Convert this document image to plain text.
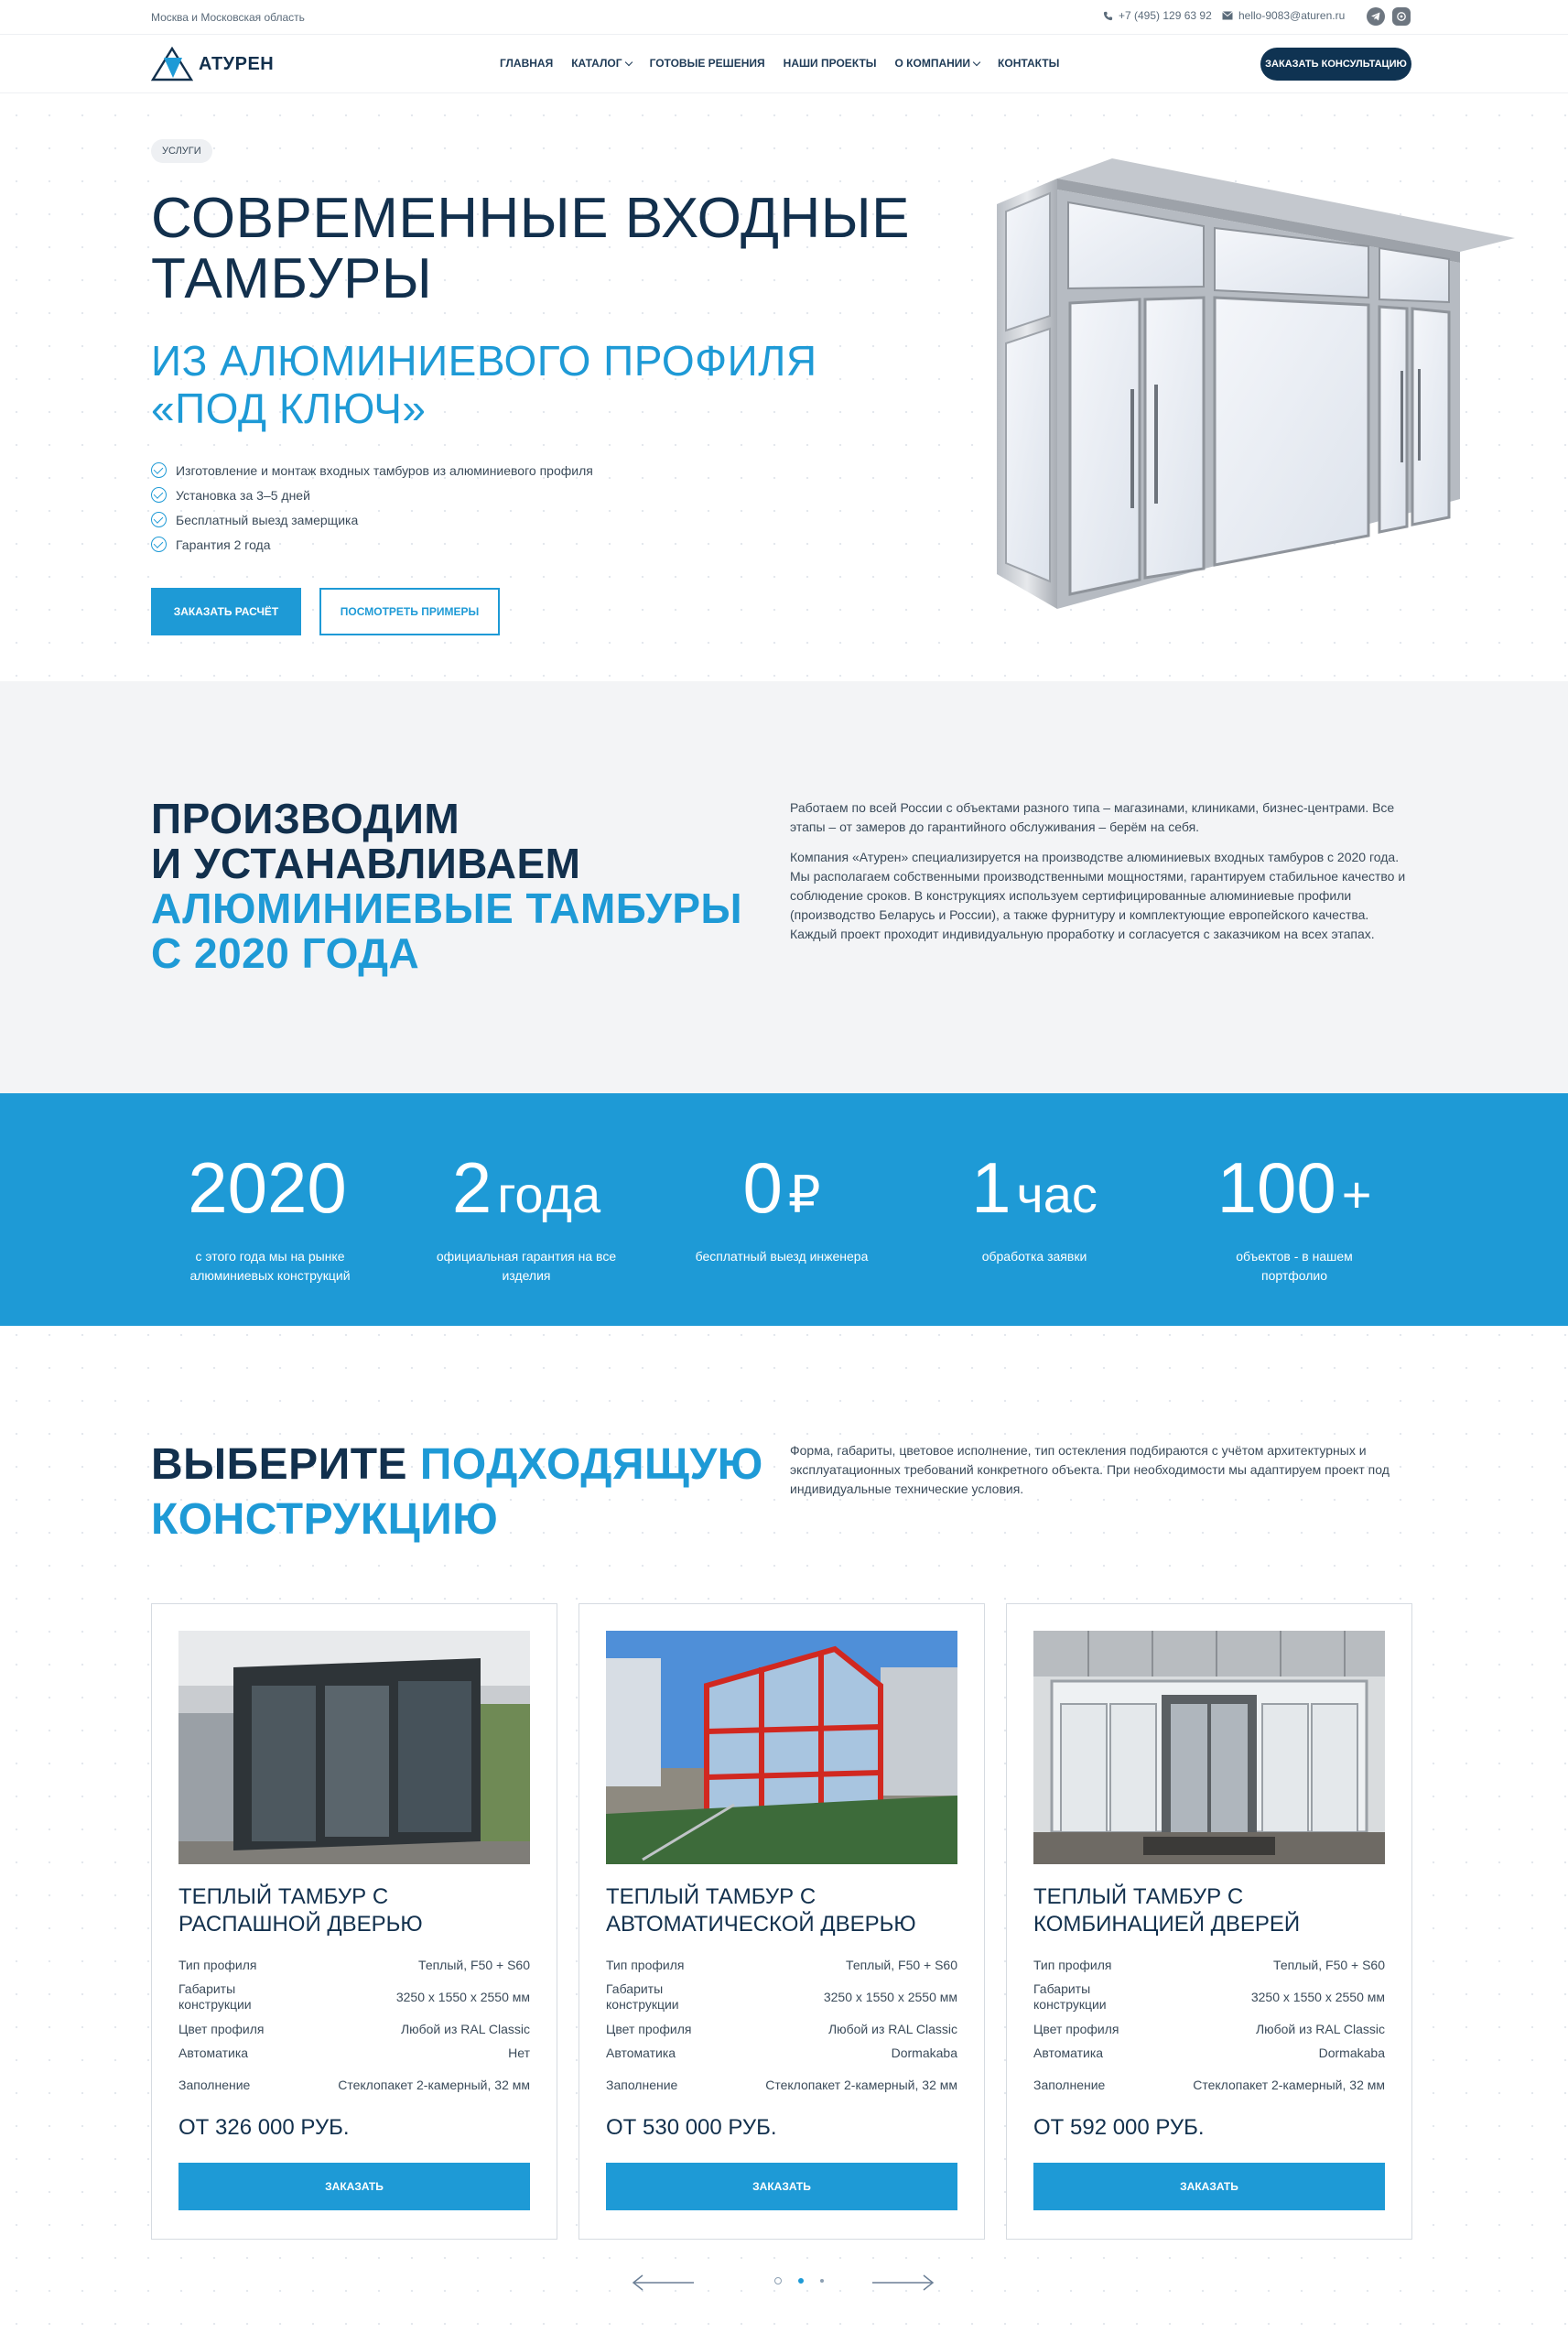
Москва и Московская область	+7 (495) 129 63 92 hello-9083@aturen.ru
АТУРЕН	ГЛАВНАЯ КАТАЛОГ	ГОТОВЫЕ РЕШЕНИЯ НАШИ ПРОЕКТЫ О КОМПАНИИ	КОНТАКТЫ	ЗАКАЗАТЬ КОНСУЛЬТАЦИЮ
УСЛУГИ
СОВРЕМЕННЫЕ ВХОДНЫЕ ТАМБУРЫ
ИЗ АЛЮМИНИЕВОГО ПРОФИЛЯ «ПОД КЛЮЧ»
Изготовление и монтаж входных тамбуров из алюминиевого профиля
Установка за 3–5 дней
Бесплатный выезд замерщика
Гарантия 2 года
ЗАКАЗАТЬ РАСЧЁТ	ПОСМОТРЕТЬ ПРИМЕРЫ
ПРОИЗВОДИМ
И УСТАНАВЛИВАЕМ
АЛЮМИНИЕВЫЕ ТАМБУРЫ
С 2020 ГОДА

Работаем по всей России с объектами разного типа – магазинами, клиниками, бизнес-центрами. Все этапы – от замеров до гарантийного обслуживания – берём на себя.

Компания «Атурен» специализируется на производстве алюминиевых входных тамбуров с 2020 года. Мы располагаем собственными производственными мощностями, гарантируем стабильное качество и соблюдение сроков. В конструкциях используем сертифицированные алюминиевые профили (производство Беларусь и России), а также фурнитуру и комплектующие европейского качества. Каждый проект проходит индивидуальную проработку и согласуется с заказчиком на всех этапах.

2020
с этого года мы на рынке алюминиевых конструкций
2 года
официальная гарантия на все изделия
0 ₽
бесплатный выезд инженера
1 час
обработка заявки
100 +
объектов - в нашем портфолио
ВЫБЕРИТЕ ПОДХОДЯЩУЮ
КОНСТРУКЦИЮ
Форма, габариты, цветовое исполнение, тип остекления подбираются с учётом архитектурных и эксплуатационных требований конкретного объекта. При необходимости мы адаптируем проект под индивидуальные технические условия.
ТЕПЛЫЙ ТАМБУР С РАСПАШНОЙ ДВЕРЬЮ
Тип профиля	Теплый, F50 + S60
Габариты конструкции
3250 х 1550 х 2550 мм
Цвет профиля	Любой из RAL Classic
Автоматика	Нет
Заполнение	Стеклопакет 2-камерный, 32 мм
ОТ 326 000 РУБ.
ЗАКАЗАТЬ
ТЕПЛЫЙ ТАМБУР С АВТОМАТИЧЕСКОЙ ДВЕРЬЮ
Тип профиля	Теплый, F50 + S60
Габариты конструкции
3250 х 1550 х 2550 мм
Цвет профиля	Любой из RAL Classic
Автоматика	Dormakaba
Заполнение	Стеклопакет 2-камерный, 32 мм
ОТ 530 000 РУБ.
ЗАКАЗАТЬ
ТЕПЛЫЙ ТАМБУР С КОМБИНАЦИЕЙ ДВЕРЕЙ
Тип профиля	Теплый, F50 + S60
Габариты конструкции
3250 х 1550 х 2550 мм
Цвет профиля	Любой из RAL Classic
Автоматика	Dormakaba
Заполнение	Стеклопакет 2-камерный, 32 мм
ОТ 592 000 РУБ.
ЗАКАЗАТЬ
